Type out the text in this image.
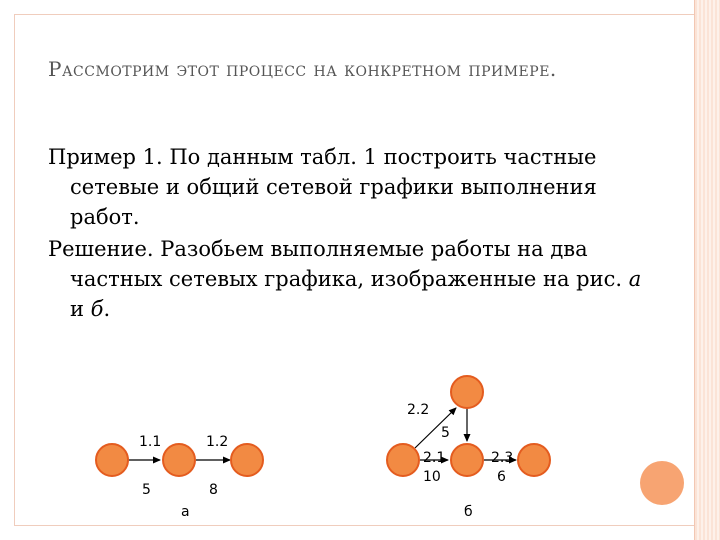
Рассмотрим этот процесс на конкретном примере.

Пример 1. По данным табл. 1 построить частные сетевые и общий сетевой графики выполнения работ.

Решение. Разобьем выполняемые работы на два частных сетевых графика, изображенные на рис. а и б.

1.1	1.2
5	8
а
2.2
5
2.1
10
2.3
6
б
